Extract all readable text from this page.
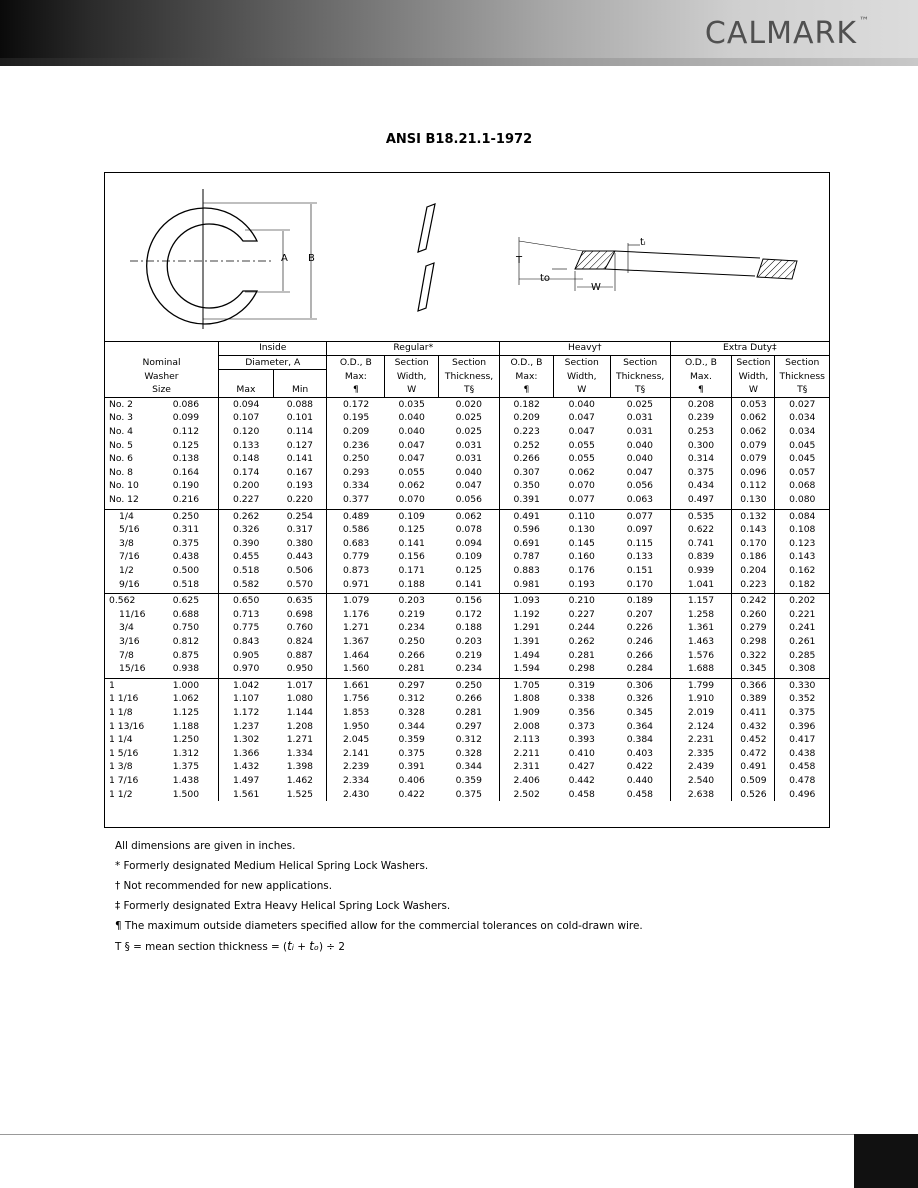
CALMARK ™
ANSI B18.21.1-1972
A B	T
tᵢ
to
W
		Inside		Regular*			Heavy†			Extra Duty‡		
Nominal		Diameter, A		O.D., B	Section	Section	O.D., B	Section	Section	O.D., B	Section	Section
Washer				Max:	Width,	Thickness,	Max:	Width,	Thickness,	Max.	Width,	Thickness
Size		Max	Min	¶	W	T§	¶	W	T§	¶	W	T§
No. 2	0.086	0.094	0.088	0.172	0.035	0.020	0.182	0.040	0.025	0.208	0.053	0.027
No. 3	0.099	0.107	0.101	0.195	0.040	0.025	0.209	0.047	0.031	0.239	0.062	0.034
No. 4	0.112	0.120	0.114	0.209	0.040	0.025	0.223	0.047	0.031	0.253	0.062	0.034
No. 5	0.125	0.133	0.127	0.236	0.047	0.031	0.252	0.055	0.040	0.300	0.079	0.045
No. 6	0.138	0.148	0.141	0.250	0.047	0.031	0.266	0.055	0.040	0.314	0.079	0.045
No. 8	0.164	0.174	0.167	0.293	0.055	0.040	0.307	0.062	0.047	0.375	0.096	0.057
No. 10	0.190	0.200	0.193	0.334	0.062	0.047	0.350	0.070	0.056	0.434	0.112	0.068
No. 12	0.216	0.227	0.220	0.377	0.070	0.056	0.391	0.077	0.063	0.497	0.130	0.080
1/4	0.250	0.262	0.254	0.489	0.109	0.062	0.491	0.110	0.077	0.535	0.132	0.084
5/16	0.311	0.326	0.317	0.586	0.125	0.078	0.596	0.130	0.097	0.622	0.143	0.108
3/8	0.375	0.390	0.380	0.683	0.141	0.094	0.691	0.145	0.115	0.741	0.170	0.123
7/16	0.438	0.455	0.443	0.779	0.156	0.109	0.787	0.160	0.133	0.839	0.186	0.143
1/2	0.500	0.518	0.506	0.873	0.171	0.125	0.883	0.176	0.151	0.939	0.204	0.162
9/16	0.518	0.582	0.570	0.971	0.188	0.141	0.981	0.193	0.170	1.041	0.223	0.182
0.562	0.625	0.650	0.635	1.079	0.203	0.156	1.093	0.210	0.189	1.157	0.242	0.202
11/16	0.688	0.713	0.698	1.176	0.219	0.172	1.192	0.227	0.207	1.258	0.260	0.221
3/4	0.750	0.775	0.760	1.271	0.234	0.188	1.291	0.244	0.226	1.361	0.279	0.241
3/16	0.812	0.843	0.824	1.367	0.250	0.203	1.391	0.262	0.246	1.463	0.298	0.261
7/8	0.875	0.905	0.887	1.464	0.266	0.219	1.494	0.281	0.266	1.576	0.322	0.285
15/16	0.938	0.970	0.950	1.560	0.281	0.234	1.594	0.298	0.284	1.688	0.345	0.308
1	1.000	1.042	1.017	1.661	0.297	0.250	1.705	0.319	0.306	1.799	0.366	0.330
1 1/16	1.062	1.107	1.080	1.756	0.312	0.266	1.808	0.338	0.326	1.910	0.389	0.352
1 1/8	1.125	1.172	1.144	1.853	0.328	0.281	1.909	0.356	0.345	2.019	0.411	0.375
1 13/16	1.188	1.237	1.208	1.950	0.344	0.297	2.008	0.373	0.364	2.124	0.432	0.396
1 1/4	1.250	1.302	1.271	2.045	0.359	0.312	2.113	0.393	0.384	2.231	0.452	0.417
1 5/16	1.312	1.366	1.334	2.141	0.375	0.328	2.211	0.410	0.403	2.335	0.472	0.438
1 3/8	1.375	1.432	1.398	2.239	0.391	0.344	2.311	0.427	0.422	2.439	0.491	0.458
1 7/16	1.438	1.497	1.462	2.334	0.406	0.359	2.406	0.442	0.440	2.540	0.509	0.478
1 1/2	1.500	1.561	1.525	2.430	0.422	0.375	2.502	0.458	0.458	2.638	0.526	0.496
All dimensions are given in inches.
* Formerly designated Medium Helical Spring Lock Washers.
† Not recommended for new applications.
‡ Formerly designated Extra Heavy Helical Spring Lock Washers.
¶ The maximum outside diameters specified allow for the commercial tolerances on cold-drawn wire.
T § = mean section thickness = (tᵢ + tₒ) ÷ 2
